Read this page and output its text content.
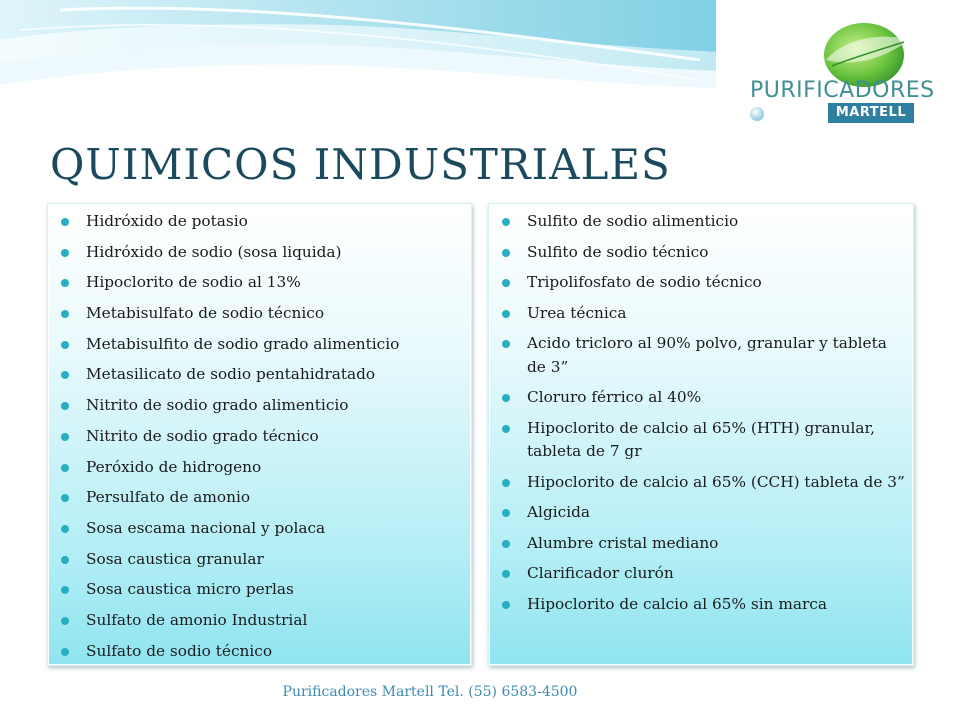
PURIFICADORES
MARTELL
QUIMICOS INDUSTRIALES
Hidróxido de potasio
Hidróxido de sodio (sosa liquida)
Hipoclorito de sodio al 13%
Metabisulfato de sodio técnico
Metabisulfito de sodio grado alimenticio
Metasilicato de sodio pentahidratado
Nitrito de sodio grado alimenticio
Nitrito de sodio grado técnico
Peróxido de hidrogeno
Persulfato de amonio
Sosa escama nacional y polaca
Sosa caustica granular
Sosa caustica micro perlas
Sulfato de amonio Industrial
Sulfato de sodio técnico
Sulfito de sodio alimenticio
Sulfito de sodio técnico
Tripolifosfato de sodio técnico
Urea técnica
Acido tricloro al 90% polvo, granular y tableta de 3”
Cloruro férrico al 40%
Hipoclorito de calcio al 65% (HTH) granular, tableta de 7 gr
Hipoclorito de calcio al 65% (CCH) tableta de 3”
Algicida
Alumbre cristal mediano
Clarificador clurón
Hipoclorito de calcio al 65% sin marca
Purificadores Martell Tel. (55) 6583-4500
